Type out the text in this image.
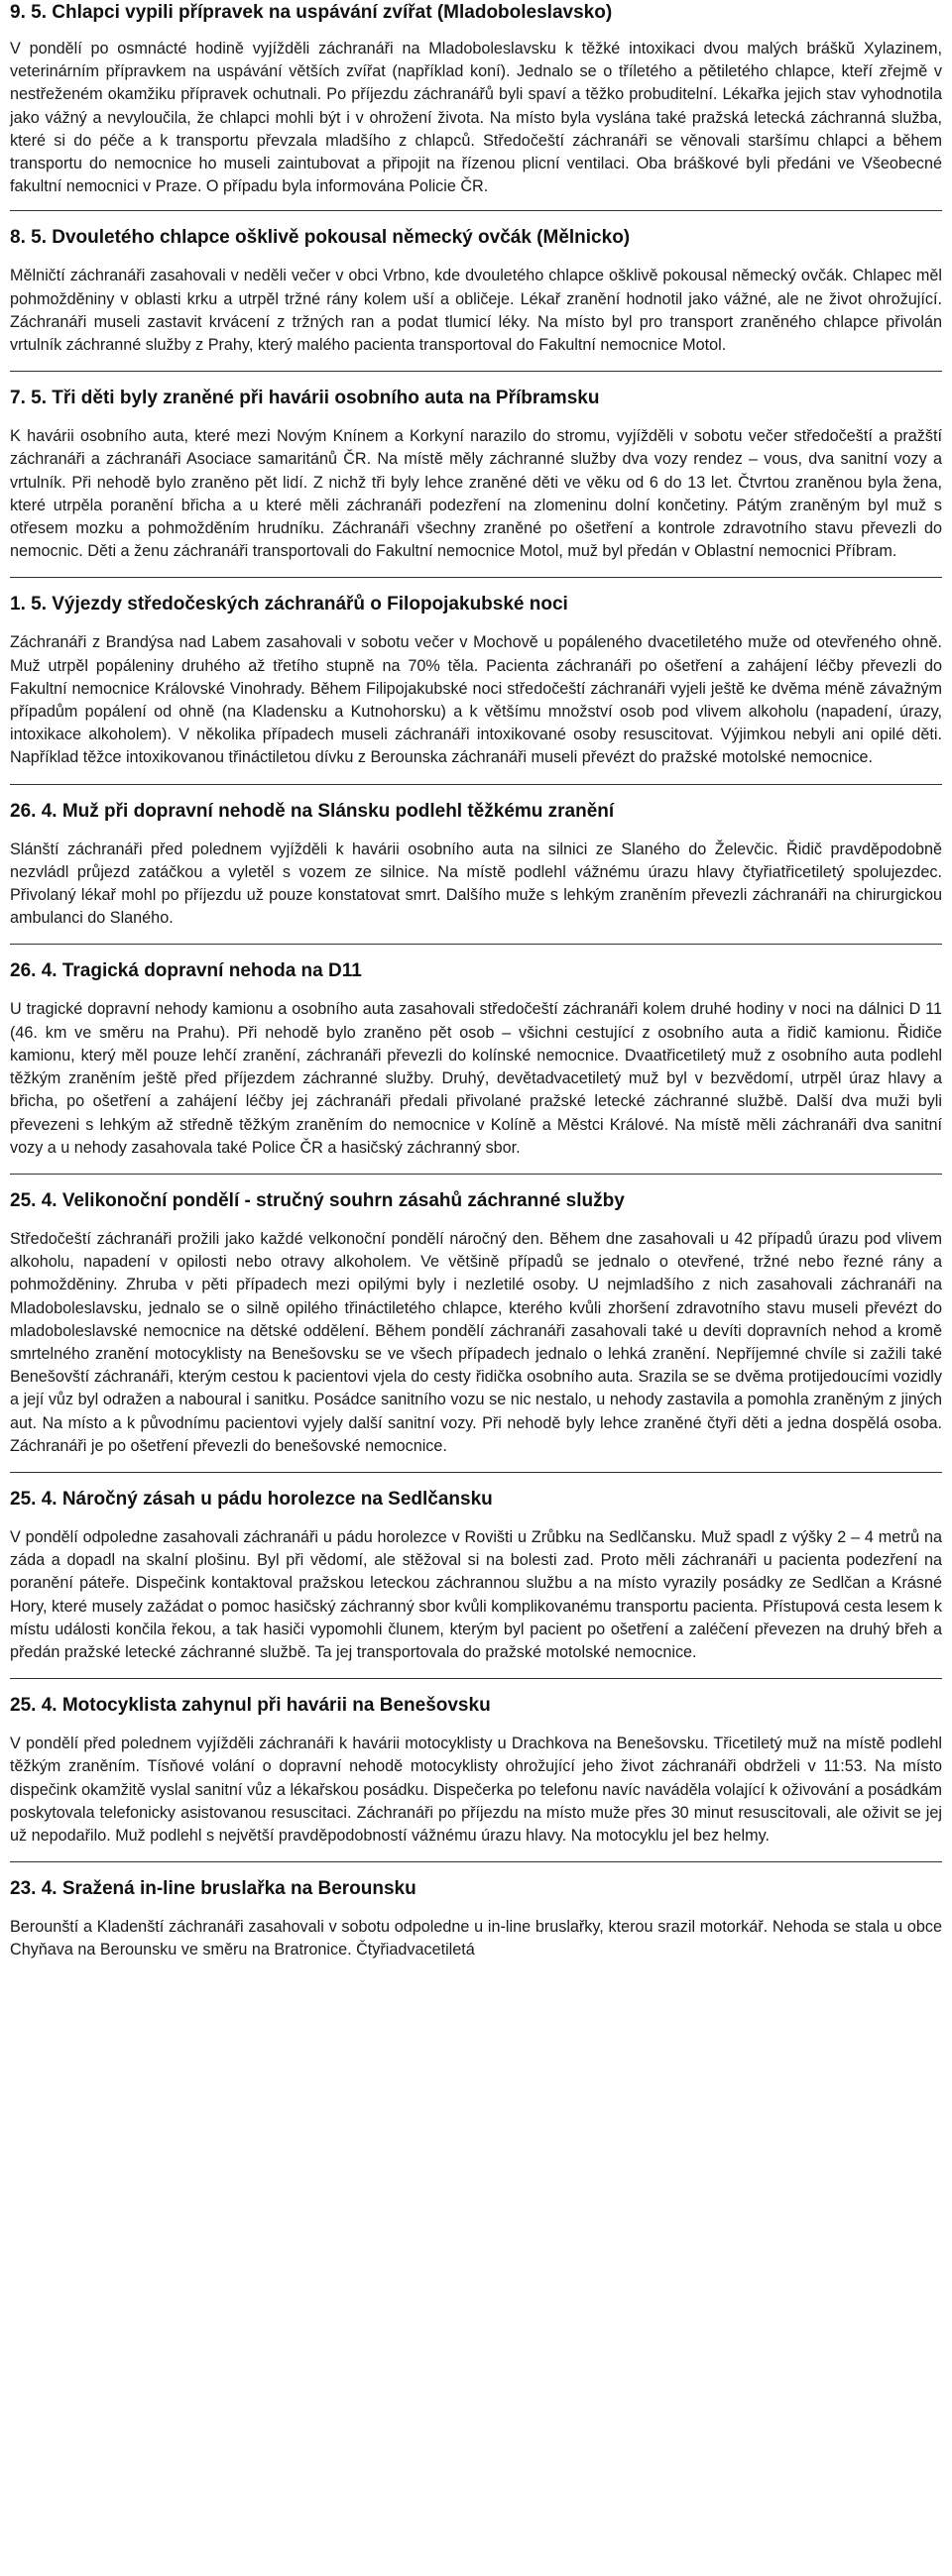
9. 5. Chlapci vypili přípravek na uspávání zvířat (Mladoboleslavsko)

V pondělí po osmnácté hodině vyjížděli záchranáři na Mladoboleslavsku k těžké intoxikaci dvou malých bráškŭ Xylazinem, veterinárním přípravkem na uspávání větších zvířat (například koní). Jednalo se o tříletého a pětiletého chlapce, kteří zřejmě v nestřeženém okamžiku přípravek ochutnali. Po příjezdu záchranářů byli spaví a těžko probuditelní. Lékařka jejich stav vyhodnotila jako vážný a nevyloučila, že chlapci mohli být i v ohrožení života. Na místo byla vyslána také pražská letecká záchranná služba, které si do péče a k transportu převzala mladšího z chlapců. Středočeští záchranáři se věnovali staršímu chlapci a během transportu do nemocnice ho museli zaintubovat a připojit na řízenou plicní ventilaci. Oba bráškové byli předáni ve Všeobecné fakultní nemocnici v Praze. O případu byla informována Policie ČR.

8. 5. Dvouletého chlapce ošklivě pokousal německý ovčák (Mělnicko)

Mělničtí záchranáři zasahovali v neděli večer v obci Vrbno, kde dvouletého chlapce ošklivě pokousal německý ovčák. Chlapec měl pohmožděniny v oblasti krku a utrpěl tržné rány kolem uší a obličeje. Lékař zranění hodnotil jako vážné, ale ne život ohrožující. Záchranáři museli zastavit krvácení z tržných ran a podat tlumicí léky. Na místo byl pro transport zraněného chlapce přivolán vrtulník záchranné služby z Prahy, který malého pacienta transportoval do Fakultní nemocnice Motol.

7. 5. Tři děti byly zraněné při havárii osobního auta na Příbramsku

K havárii osobního auta, které mezi Novým Knínem a Korkyní narazilo do stromu, vyjížděli v sobotu večer středočeští a pražští záchranáři a záchranáři Asociace samaritánů ČR. Na místě měly záchranné služby dva vozy rendez – vous, dva sanitní vozy a vrtulník. Při nehodě bylo zraněno pět lidí. Z nichž tři byly lehce zraněné děti ve věku od 6 do 13 let. Čtvrtou zraněnou byla žena, které utrpěla poranění břicha a u které měli záchranáři podezření na zlomeninu dolní končetiny. Pátým zraněným byl muž s otřesem mozku a pohmožděním hrudníku. Záchranáři všechny zraněné po ošetření a kontrole zdravotního stavu převezli do nemocnic. Děti a ženu záchranáři transportovali do Fakultní nemocnice Motol, muž byl předán v Oblastní nemocnici Příbram.

1. 5. Výjezdy středočeských záchranářů o Filopojakubské noci

Záchranáři z Brandýsa nad Labem zasahovali v sobotu večer v Mochově u popáleného dvacetiletého muže od otevřeného ohně. Muž utrpěl popáleniny druhého až třetího stupně na 70% těla. Pacienta záchranáři po ošetření a zahájení léčby převezli do Fakultní nemocnice Královské Vinohrady. Během Filipojakubské noci středočeští záchranáři vyjeli ještě ke dvěma méně závažným případům popálení od ohně (na Kladensku a Kutnohorsku) a k většímu množství osob pod vlivem alkoholu (napadení, úrazy, intoxikace alkoholem). V několika případech museli záchranáři intoxikované osoby resuscitovat. Výjimkou nebyli ani opilé děti. Například těžce intoxikovanou třináctiletou dívku z Berounska záchranáři museli převézt do pražské motolské nemocnice.

26. 4. Muž při dopravní nehodě na Slánsku podlehl těžkému zranění

Slánští záchranáři před polednem vyjížděli k havárii osobního auta na silnici ze Slaného do Želevčic. Řidič pravděpodobně nezvládl průjezd zatáčkou a vyletěl s vozem ze silnice. Na místě podlehl vážnému úrazu hlavy čtyřiatřicetiletý spolujezdec. Přivolaný lékař mohl po příjezdu už pouze konstatovat smrt. Dalšího muže s lehkým zraněním převezli záchranáři na chirurgickou ambulanci do Slaného.

26. 4. Tragická dopravní nehoda na D11

U tragické dopravní nehody kamionu a osobního auta zasahovali středočeští záchranáři kolem druhé hodiny v noci na dálnici D 11 (46. km ve směru na Prahu). Při nehodě bylo zraněno pět osob – všichni cestující z osobního auta a řidič kamionu. Řidiče kamionu, který měl pouze lehčí zranění, záchranáři převezli do kolínské nemocnice. Dvaatřicetiletý muž z osobního auta podlehl těžkým zraněním ještě před příjezdem záchranné služby. Druhý, devětadvacetiletý muž byl v bezvědomí, utrpěl úraz hlavy a břicha, po ošetření a zahájení léčby jej záchranáři předali přivolané pražské letecké záchranné službě. Další dva muži byli převezeni s lehkým až středně těžkým zraněním do nemocnice v Kolíně a Městci Králové. Na místě měli záchranáři dva sanitní vozy a u nehody zasahovala také Police ČR a hasičský záchranný sbor.

25. 4. Velikonoční pondělí - stručný souhrn zásahů záchranné služby

Středočeští záchranáři prožili jako každé velkonoční pondělí náročný den. Během dne zasahovali u 42 případů úrazu pod vlivem alkoholu, napadení v opilosti nebo otravy alkoholem. Ve většině případů se jednalo o otevřené, tržné nebo řezné rány a pohmožděniny. Zhruba v pěti případech mezi opilými byly i nezletilé osoby. U nejmladšího z nich zasahovali záchranáři na Mladoboleslavsku, jednalo se o silně opilého třináctiletého chlapce, kterého kvůli zhoršení zdravotního stavu museli převézt do mladoboleslavské nemocnice na dětské oddělení. Během pondělí záchranáři zasahovali také u devíti dopravních nehod a kromě smrtelného zranění motocyklisty na Benešovsku se ve všech případech jednalo o lehká zranění. Nepříjemné chvíle si zažili také Benešovští záchranáři, kterým cestou k pacientovi vjela do cesty řidička osobního auta. Srazila se se dvěma protijedoucími vozidly a její vůz byl odražen a naboural i sanitku. Posádce sanitního vozu se nic nestalo, u nehody zastavila a pomohla zraněným z jiných aut. Na místo a k původnímu pacientovi vyjely další sanitní vozy. Při nehodě byly lehce zraněné čtyři děti a jedna dospělá osoba. Záchranáři je po ošetření převezli do benešovské nemocnice.

25. 4. Náročný zásah u pádu horolezce na Sedlčansku

V pondělí odpoledne zasahovali záchranáři u pádu horolezce v Rovišti u Zrůbku na Sedlčansku. Muž spadl z výšky 2 – 4 metrů na záda a dopadl na skalní plošinu. Byl při vědomí, ale stěžoval si na bolesti zad. Proto měli záchranáři u pacienta podezření na poranění páteře. Dispečink kontaktoval pražskou leteckou záchrannou službu a na místo vyrazily posádky ze Sedlčan a Krásné Hory, které musely zažádat o pomoc hasičský záchranný sbor kvůli komplikovanému transportu pacienta. Přístupová cesta lesem k místu události končila řekou, a tak hasiči vypomohli člunem, kterým byl pacient po ošetření a zaléčení převezen na druhý břeh a předán pražské letecké záchranné službě. Ta jej transportovala do pražské motolské nemocnice.

25. 4. Motocyklista zahynul při havárii na Benešovsku

V pondělí před polednem vyjížděli záchranáři k havárii motocyklisty u Drachkova na Benešovsku. Třicetiletý muž na místě podlehl těžkým zraněním. Tísňové volání o dopravní nehodě motocyklisty ohrožující jeho život záchranáři obdrželi v 11:53. Na místo dispečink okamžitě vyslal sanitní vůz a lékařskou posádku. Dispečerka po telefonu navíc naváděla volající k oživování a posádkám poskytovala telefonicky asistovanou resuscitaci. Záchranáři po příjezdu na místo muže přes 30 minut resuscitovali, ale oživit se jej už nepodařilo. Muž podlehl s největší pravděpodobností vážnému úrazu hlavy. Na motocyklu jel bez helmy.

23. 4. Sražená in-line bruslařka na Berounsku

Berounští a Kladenští záchranáři zasahovali v sobotu odpoledne u in-line bruslařky, kterou srazil motorkář. Nehoda se stala u obce Chyňava na Berounsku ve směru na Bratronice. Čtyřiadvacetiletá
